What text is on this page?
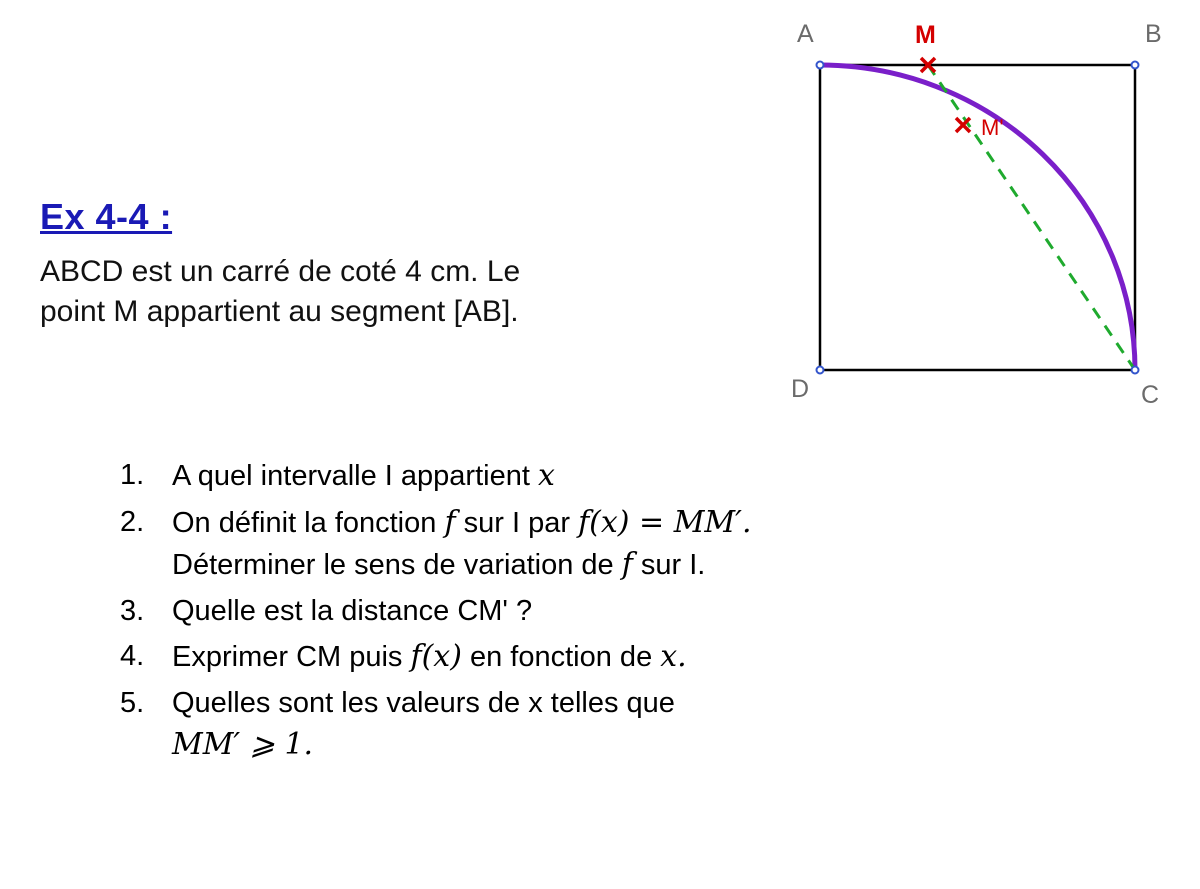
Ex 4-4 :

ABCD est un carré de coté 4 cm. Le
point M appartient au segment [AB].

1. A quel intervalle I appartient x
2. On définit la fonction f sur I par f(x) = MM′.
Déterminer le sens de variation de f sur I.
3. Quelle est la distance CM' ?
4. Exprimer CM puis f(x) en fonction de x.
5. Quelles sont les valeurs de x telles que
MM′ ⩾ 1.
A	B
C
D
M
M'
